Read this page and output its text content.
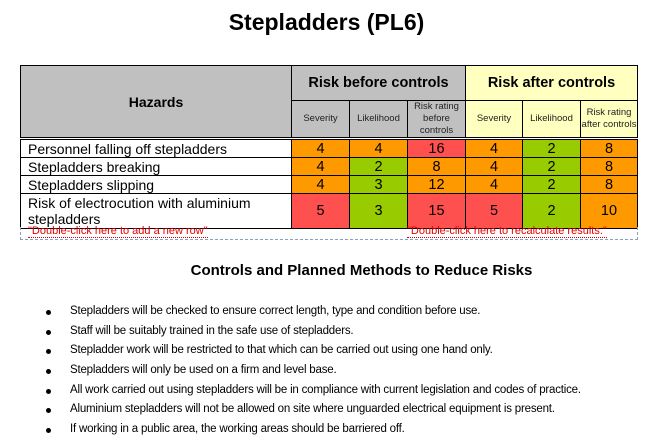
Stepladders (PL6)
Hazards	Risk before controls			Risk after controls		
	Severity	Likelihood	Risk rating before controls	Severity	Likelihood	Risk rating after controls

Personnel falling off stepladders	4	4	16	4	2	8
Stepladders breaking	4	2	8	4	2	8
Stepladders slipping	4	3	12	4	2	8
Risk of electrocution with aluminium stepladders	5	3	15	5	2	10
"Double-click here to add a new row"	"Double-click here to recalculate results."
Controls and Planned Methods to Reduce Risks
Stepladders will be checked to ensure correct length, type and condition before use.
Staff will be suitably trained in the safe use of stepladders.
Stepladder work will be restricted to that which can be carried out using one hand only.
Stepladders will only be used on a firm and level base.
All work carried out using stepladders will be in compliance with current legislation and codes of practice.
Aluminium stepladders will not be allowed on site where unguarded electrical equipment is present.
If working in a public area, the working areas should be barriered off.
